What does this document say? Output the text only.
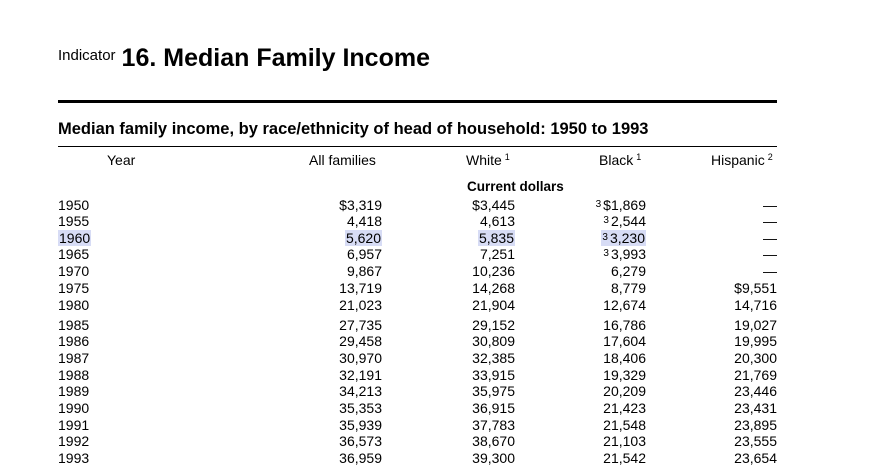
Indicator 16. Median Family Income
Median family income, by race/ethnicity of head of household: 1950 to 1993
Year	All families	White $^1$	Black $^1$	Hispanic $^2$
Current dollars
1950	$3,319	$3,445	$^3$ $1,869	—
1955	4,418	4,613	$^3$ 2,544	—
1960	5,620	5,835	$^3$ 3,230	—
1965	6,957	7,251	$^3$ 3,993	—
1970	9,867	10,236	6,279	—
1975	13,719	14,268	8,779	$9,551
1980	21,023	21,904	12,674	14,716
1985	27,735	29,152	16,786	19,027
1986	29,458	30,809	17,604	19,995
1987	30,970	32,385	18,406	20,300
1988	32,191	33,915	19,329	21,769
1989	34,213	35,975	20,209	23,446
1990	35,353	36,915	21,423	23,431
1991	35,939	37,783	21,548	23,895
1992	36,573	38,670	21,103	23,555
1993	36,959	39,300	21,542	23,654
